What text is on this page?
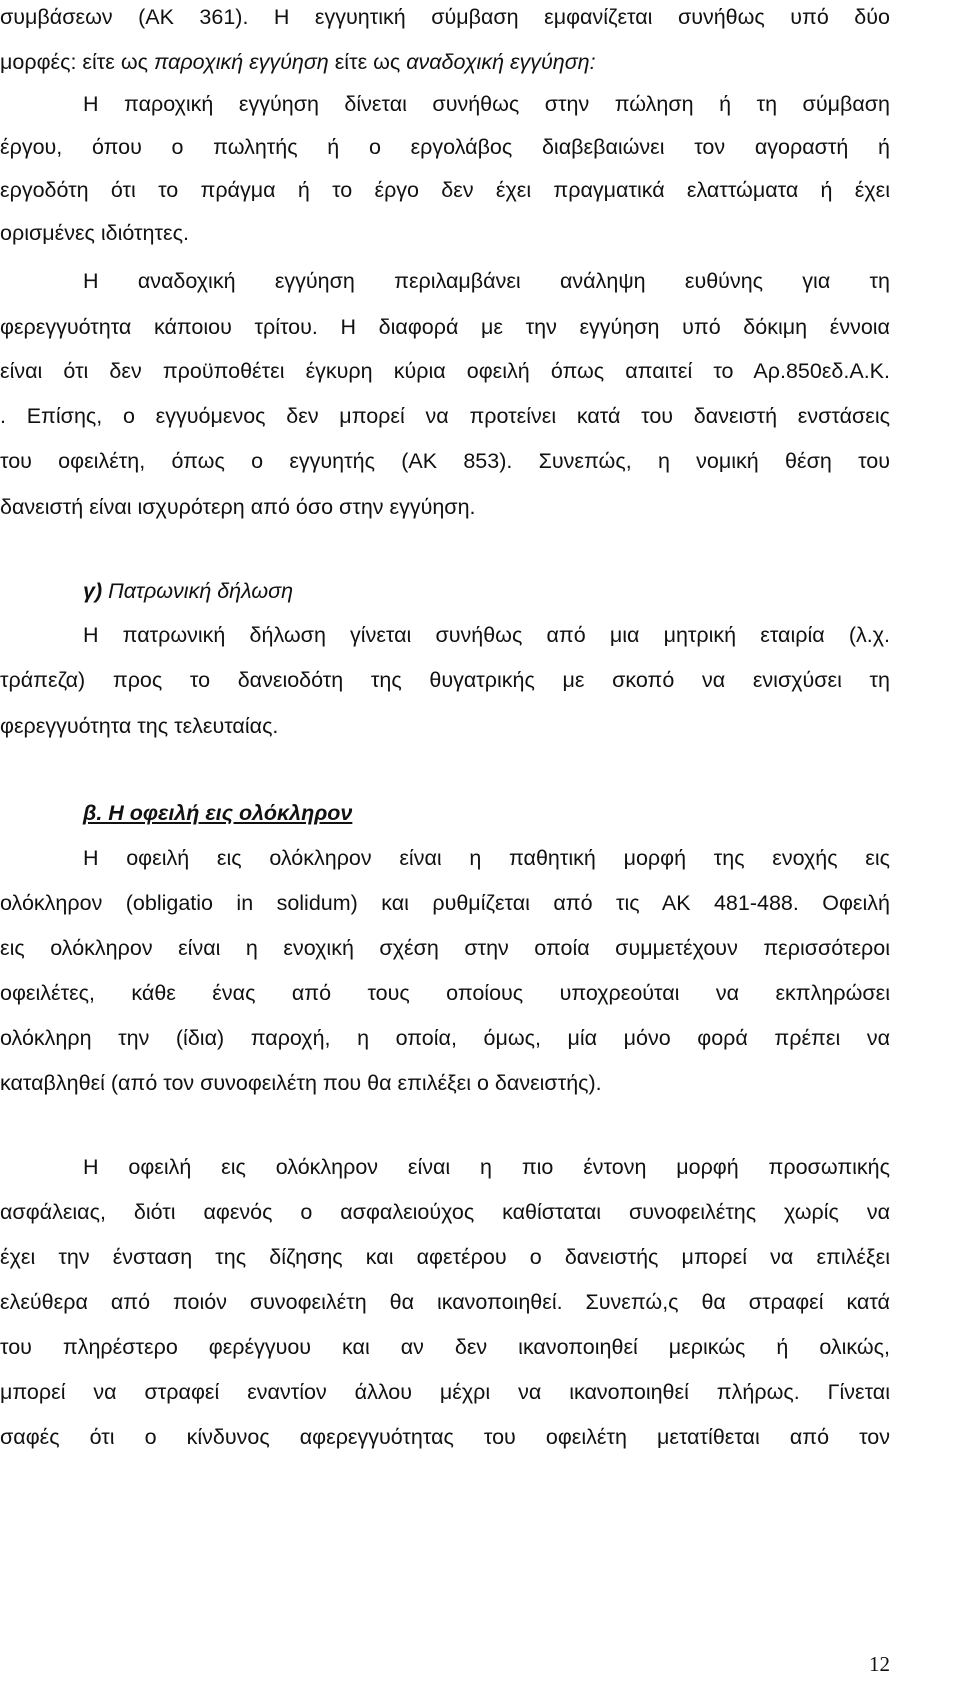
συμβάσεων (ΑΚ 361). Η εγγυητική σύμβαση εμφανίζεται συνήθως υπό δύο
μορφές: είτε ως παροχική εγγύηση είτε ως αναδοχική εγγύηση:
Η παροχική εγγύηση δίνεται συνήθως στην πώληση ή τη σύμβαση
έργου, όπου ο πωλητής ή ο εργολάβος διαβεβαιώνει τον αγοραστή ή
εργοδότη ότι το πράγμα ή το έργο δεν έχει πραγματικά ελαττώματα ή έχει
ορισμένες ιδιότητες.
Η αναδοχική εγγύηση περιλαμβάνει ανάληψη ευθύνης για τη
φερεγγυότητα κάποιου τρίτου. Η διαφορά με την εγγύηση υπό δόκιμη έννοια
είναι ότι δεν προϋποθέτει έγκυρη κύρια οφειλή όπως απαιτεί το Αρ.850εδ.Α.Κ.
. Επίσης, ο εγγυόμενος δεν μπορεί να προτείνει κατά του δανειστή ενστάσεις
του οφειλέτη, όπως ο εγγυητής (ΑΚ 853). Συνεπώς, η νομική θέση του
δανειστή είναι ισχυρότερη από όσο στην εγγύηση.
γ) Πατρωνική δήλωση
Η πατρωνική δήλωση γίνεται συνήθως από μια μητρική εταιρία (λ.χ.
τράπεζα) προς το δανειοδότη της θυγατρικής με σκοπό να ενισχύσει τη
φερεγγυότητα της τελευταίας.
β. Η οφειλή εις ολόκληρον
Η οφειλή εις ολόκληρον είναι η παθητική μορφή της ενοχής εις
ολόκληρον (obligatio in solidum) και ρυθμίζεται από τις ΑΚ 481-488. Οφειλή
εις ολόκληρον είναι η ενοχική σχέση στην οποία συμμετέχουν περισσότεροι
οφειλέτες, κάθε ένας από τους οποίους υποχρεούται να εκπληρώσει
ολόκληρη την (ίδια) παροχή, η οποία, όμως, μία μόνο φορά πρέπει να
καταβληθεί (από τον συνοφειλέτη που θα επιλέξει ο δανειστής).
Η οφειλή εις ολόκληρον είναι η πιο έντονη μορφή προσωπικής
ασφάλειας, διότι αφενός ο ασφαλειούχος καθίσταται συνοφειλέτης χωρίς να
έχει την ένσταση της δίζησης και αφετέρου ο δανειστής μπορεί να επιλέξει
ελεύθερα από ποιόν συνοφειλέτη θα ικανοποιηθεί. Συνεπώ,ς θα στραφεί κατά
του πληρέστερο φερέγγυου και αν δεν ικανοποιηθεί μερικώς ή ολικώς,
μπορεί να στραφεί εναντίον άλλου μέχρι να ικανοποιηθεί πλήρως. Γίνεται
σαφές ότι ο κίνδυνος αφερεγγυότητας του οφειλέτη μετατίθεται από τον
12
